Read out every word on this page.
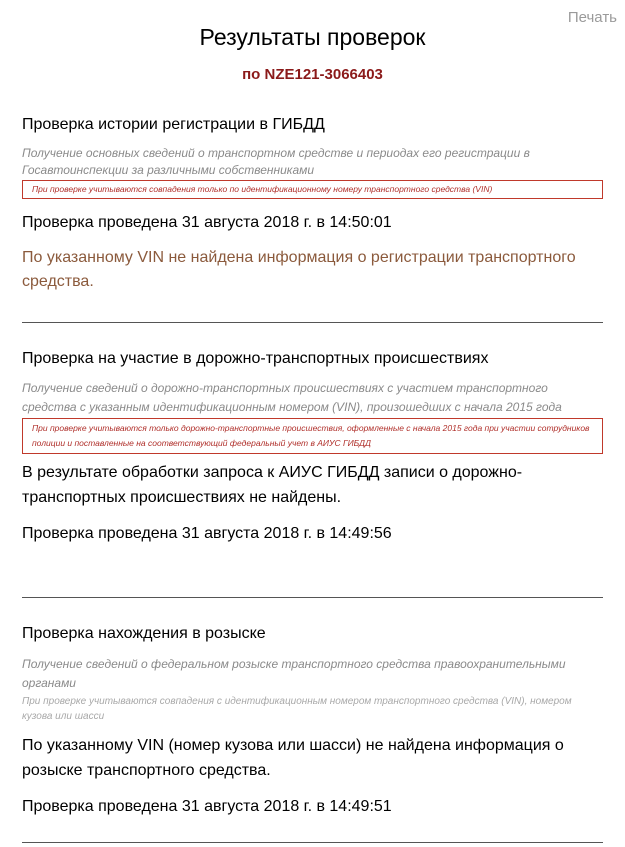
Печать
Результаты проверок
по NZE121-3066403
Проверка истории регистрации в ГИБДД
Получение основных сведений о транспортном средстве и периодах его регистрации в Госавтоинспекции за различными собственниками
При проверке учитываются совпадения только по идентификационному номеру транспортного средства (VIN)
Проверка проведена 31 августа 2018 г. в 14:50:01
По указанному VIN не найдена информация о регистрации транспортного средства.
Проверка на участие в дорожно-транспортных происшествиях
Получение сведений о дорожно-транспортных происшествиях с участием транспортного средства с указанным идентификационным номером (VIN), произошедших с начала 2015 года
При проверке учитываются только дорожно-транспортные происшествия, оформленные с начала 2015 года при участии сотрудников полиции и поставленные на соответствующий федеральный учет в АИУС ГИБДД
В результате обработки запроса к АИУС ГИБДД записи о дорожно-транспортных происшествиях не найдены.
Проверка проведена 31 августа 2018 г. в 14:49:56
Проверка нахождения в розыске
Получение сведений о федеральном розыске транспортного средства правоохранительными органами
При проверке учитываются совпадения с идентификационным номером транспортного средства (VIN), номером кузова или шасси
По указанному VIN (номер кузова или шасси) не найдена информация о розыске транспортного средства.
Проверка проведена 31 августа 2018 г. в 14:49:51
